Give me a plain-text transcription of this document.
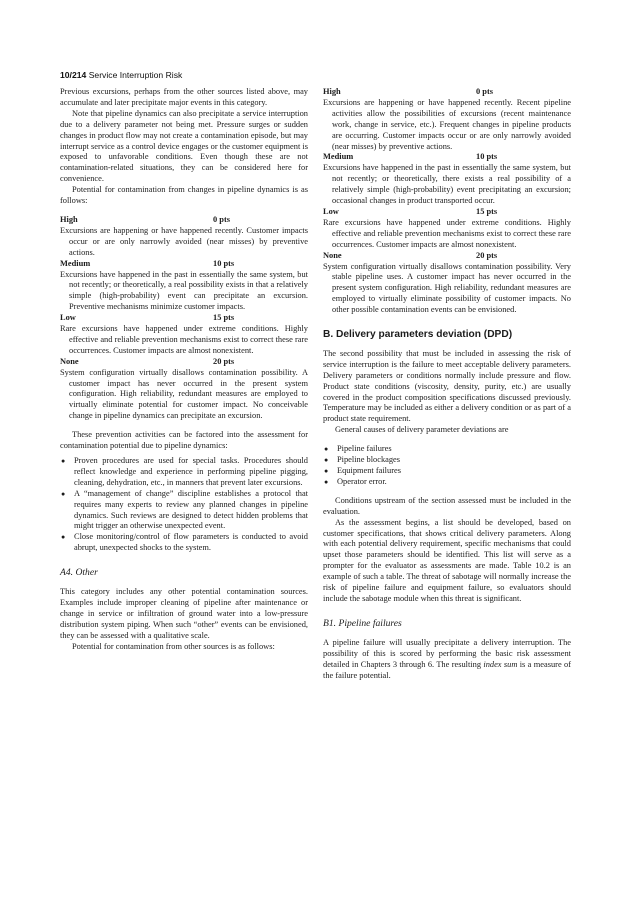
10/214 Service Interruption Risk

Previous excursions, perhaps from the other sources listed above, may accumulate and later precipitate major events in this category.

Note that pipeline dynamics can also precipitate a service interruption due to a delivery parameter not being met. Pressure surges or sudden changes in product flow may not create a contamination episode, but may interrupt service as a control device engages or the customer equipment is exposed to unfavorable conditions. Even though these are not contamination-related situations, they can be considered here for convenience.

Potential for contamination from changes in pipeline dynamics is as follows:

High	0 pts

Excursions are happening or have happened recently. Customer impacts occur or are only narrowly avoided (near misses) by preventive actions.

Medium	10 pts

Excursions have happened in the past in essentially the same system, but not recently; or theoretically, a real possibility exists in that a relatively simple (high-probability) event can precipitate an excursion. Preventive mechanisms minimize customer impacts.

Low	15 pts

Rare excursions have happened under extreme conditions. Highly effective and reliable prevention mechanisms exist to correct these rare occurrences. Customer impacts are almost nonexistent.

None	20 pts

System configuration virtually disallows contamination possibility. A customer impact has never occurred in the present system configuration. High reliability, redundant measures are employed to virtually eliminate potential for customer impact. No conceivable change in pipeline dynamics can precipitate an excursion.

These prevention activities can be factored into the assessment for contamination potential due to pipeline dynamics:

● Proven procedures are used for special tasks. Procedures should reflect knowledge and experience in performing pipeline pigging, cleaning, dehydration, etc., in manners that prevent later excursions.
● A “management of change” discipline establishes a protocol that requires many experts to review any planned changes in pipeline dynamics. Such reviews are designed to detect hidden problems that might trigger an otherwise unexpected event.
● Close monitoring/control of flow parameters is conducted to avoid abrupt, unexpected shocks to the system.

A4. Other

This category includes any other potential contamination sources. Examples include improper cleaning of pipeline after maintenance or change in service or infiltration of ground water into a low-pressure distribution system piping. When such “other” events can be envisioned, they can be assessed with a qualitative scale.

Potential for contamination from other sources is as follows:

High	0 pts

Excursions are happening or have happened recently. Recent pipeline activities allow the possibilities of excursions (recent maintenance work, change in service, etc.). Frequent changes in pipeline products are occurring. Customer impacts occur or are only narrowly avoided (near misses) by preventive actions.

Medium	10 pts

Excursions have happened in the past in essentially the same system, but not recently; or theoretically, there exists a real possibility of a relatively simple (high-probability) event precipitating an excursion; occasional changes in product transported occur.

Low	15 pts

Rare excursions have happened under extreme conditions. Highly effective and reliable prevention mechanisms exist to correct these rare occurrences. Customer impacts are almost nonexistent.

None	20 pts

System configuration virtually disallows contamination possibility. Very stable pipeline uses. A customer impact has never occurred in the present system configuration. High reliability, redundant measures are employed to virtually eliminate possibility of customer impacts. No other possible contamination events can be envisioned.

B. Delivery parameters deviation (DPD)

The second possibility that must be included in assessing the risk of service interruption is the failure to meet acceptable delivery parameters. Delivery parameters or conditions normally include pressure and flow. Product state conditions (viscosity, density, purity, etc.) are usually covered in the product composition specifications discussed previously. Temperature may be included as either a delivery condition or as part of a product state requirement.

General causes of delivery parameter deviations are

● Pipeline failures
● Pipeline blockages
● Equipment failures
● Operator error.

Conditions upstream of the section assessed must be included in the evaluation.

As the assessment begins, a list should be developed, based on customer specifications, that shows critical delivery parameters. Along with each potential delivery requirement, specific mechanisms that could upset those parameters should be identified. This list will serve as a prompter for the evaluator as assessments are made. Table 10.2 is an example of such a table. The threat of sabotage will normally increase the risk of pipeline failure and equipment failure, so evaluators should include the sabotage module when this threat is significant.

B1. Pipeline failures

A pipeline failure will usually precipitate a delivery interruption. The possibility of this is scored by performing the basic risk assessment detailed in Chapters 3 through 6. The resulting index sum is a measure of the failure potential.
